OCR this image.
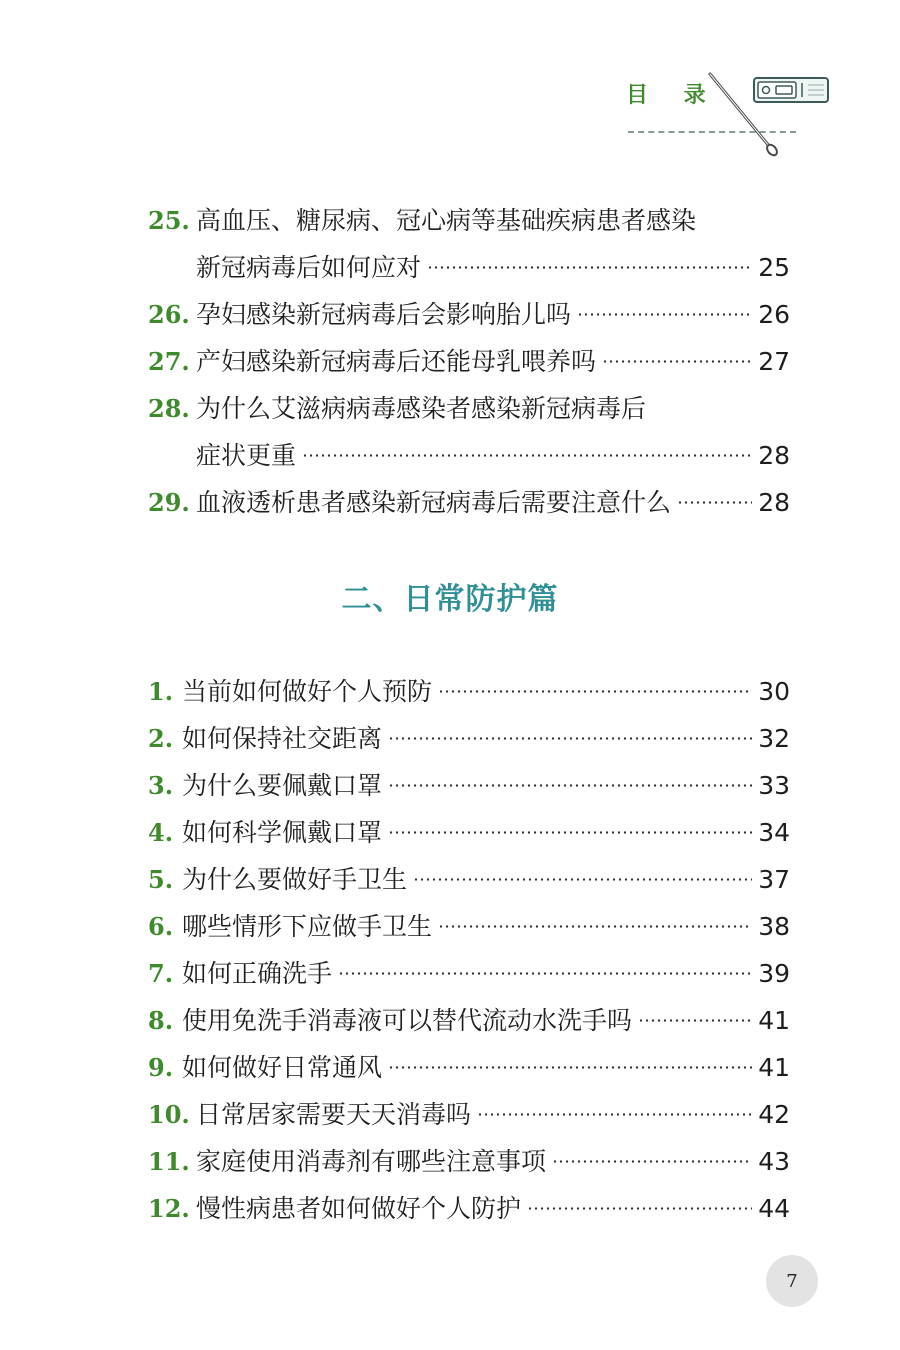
目 录
25. 高血压、糖尿病、冠心病等基础疾病患者感染
新冠病毒后如何应对	25
26. 孕妇感染新冠病毒后会影响胎儿吗	26
27. 产妇感染新冠病毒后还能母乳喂养吗	27
28. 为什么艾滋病病毒感染者感染新冠病毒后
症状更重	28
29. 血液透析患者感染新冠病毒后需要注意什么	28
二、日常防护篇
1. 当前如何做好个人预防	30
2. 如何保持社交距离	32
3. 为什么要佩戴口罩	33
4. 如何科学佩戴口罩	34
5. 为什么要做好手卫生	37
6. 哪些情形下应做手卫生	38
7. 如何正确洗手	39
8. 使用免洗手消毒液可以替代流动水洗手吗	41
9. 如何做好日常通风	41
10. 日常居家需要天天消毒吗	42
11. 家庭使用消毒剂有哪些注意事项	43
12. 慢性病患者如何做好个人防护	44
7
